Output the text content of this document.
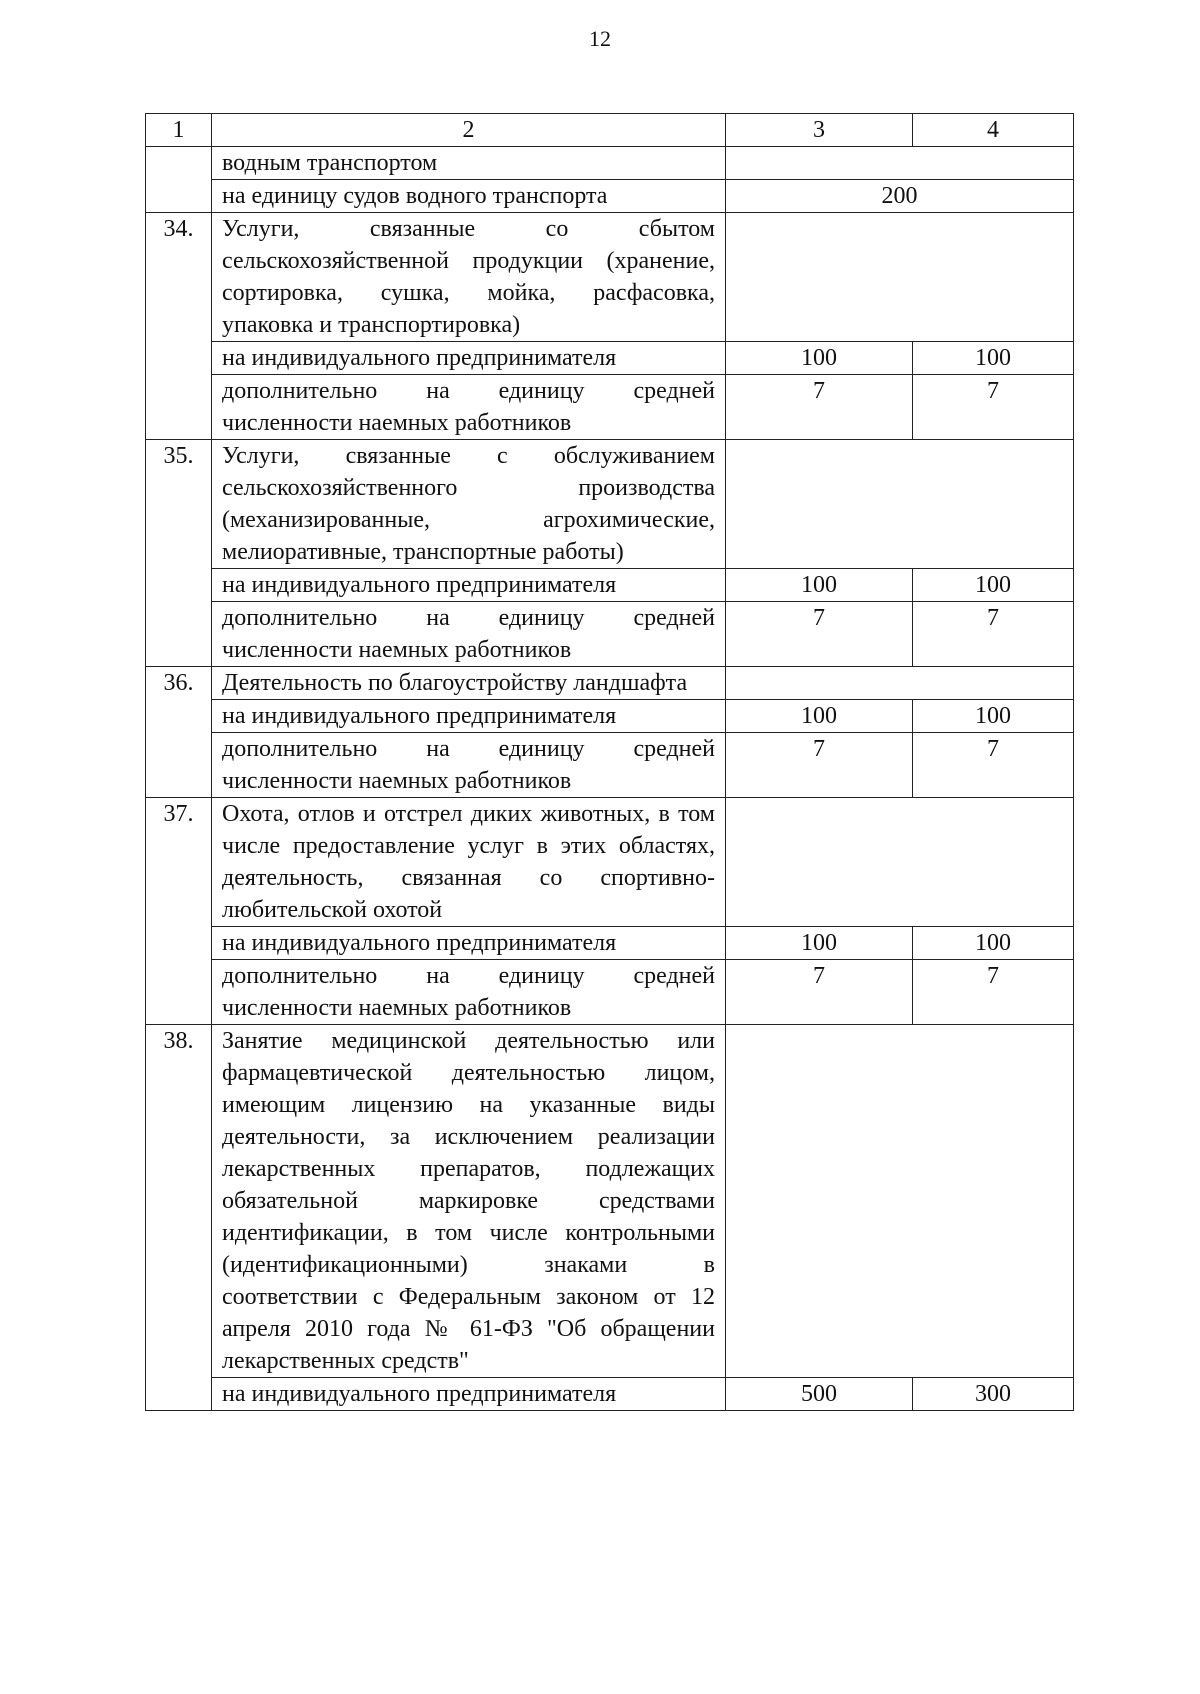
12
1	2	3	4
	водным транспортом		
	на единицу судов водного транспорта	200	
34.	Услуги, связанные со сбытом сельскохозяйственной продукции (хранение, сортировка, сушка, мойка, расфасовка, упаковка и транспортировка)		
	на индивидуального предпринимателя	100	100
	дополнительно на единицу средней численности наемных работников	7	7
35.	Услуги, связанные с обслуживанием сельскохозяйственного производства (механизированные, агрохимические, мелиоративные, транспортные работы)		
	на индивидуального предпринимателя	100	100
	дополнительно на единицу средней численности наемных работников	7	7
36.	Деятельность по благоустройству ландшафта		
	на индивидуального предпринимателя	100	100
	дополнительно на единицу средней численности наемных работников	7	7
37.	Охота, отлов и отстрел диких животных, в том числе предоставление услуг в этих областях, деятельность, связанная со спортивно-любительской охотой		
	на индивидуального предпринимателя	100	100
	дополнительно на единицу средней численности наемных работников	7	7
38.	Занятие медицинской деятельностью или фармацевтической деятельностью лицом, имеющим лицензию на указанные виды деятельности, за исключением реализации лекарственных препаратов, подлежащих обязательной маркировке средствами идентификации, в том числе контрольными (идентификационными) знаками в соответствии с Федеральным законом от 12 апреля 2010 года № 61-ФЗ "Об обращении лекарственных средств"		
	на индивидуального предпринимателя	500	300
